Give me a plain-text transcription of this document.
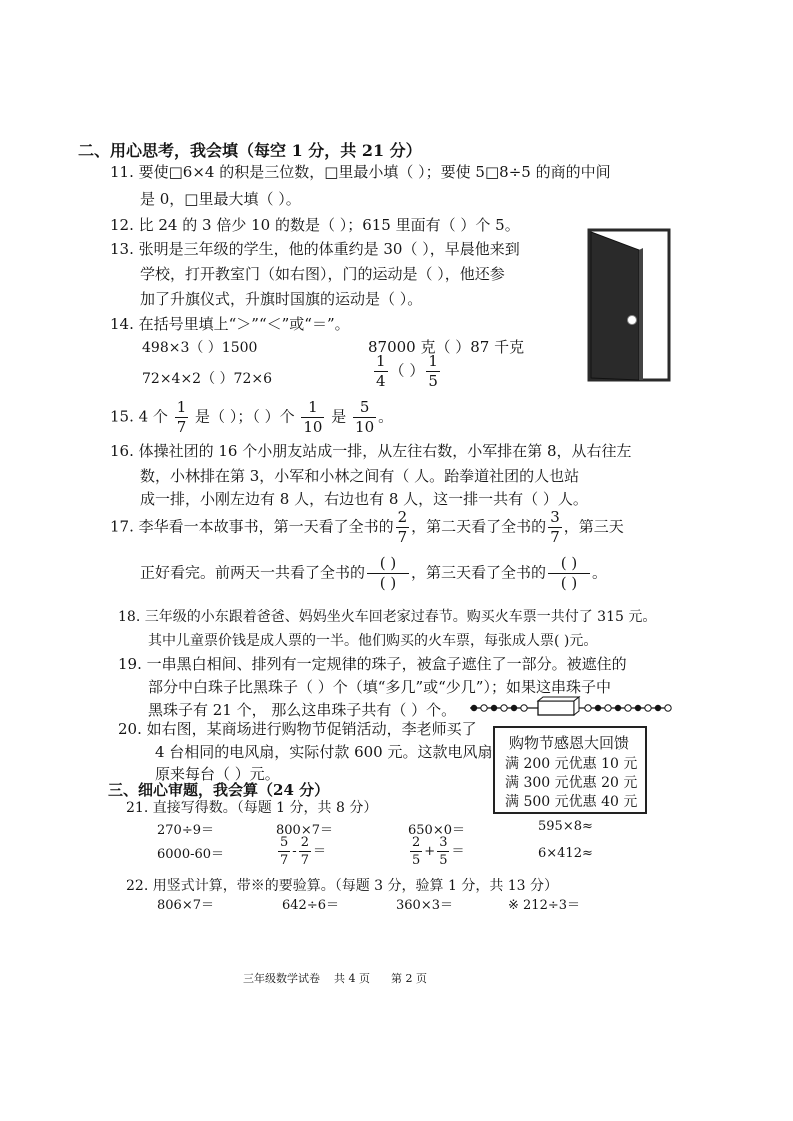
二、用心思考，我会填（每空 1 分，共 21 分）
11. 要使□6×4 的积是三位数，□里最小填（ ）；要使 5□8÷5 的商的中间
是 0，□里最大填（ ）。
12. 比 24 的 3 倍少 10 的数是（ ）；615 里面有（ ）个 5。
13. 张明是三年级的学生，他的体重约是 30（ ），早晨他来到
学校，打开教室门（如右图），门的运动是（ ），他还参
加了升旗仪式，升旗时国旗的运动是（ ）。
14. 在括号里填上“＞”“＜”或“＝”。
498×3（ ）1500	87000 克（ ）87 千克
72×4×2（ ）72×6	$\frac{1}{4}$ （ ） $\frac{1}{5}$
15. 4 个 $\frac{1}{7}$ 是（ ）；（ ）个 $\frac{1}{10}$ 是 $\frac{5}{10}$ 。
16. 体操社团的 16 个小朋友站成一排，从左往右数，小军排在第 8，从右往左
数，小林排在第 3，小军和小林之间有（ 人。跆拳道社团的人也站
成一排，小刚左边有 8 人，右边也有 8 人，这一排一共有（ ）人。
17. 李华看一本故事书，第一天看了全书的 $\frac{2}{7}$ ，第二天看了全书的 $\frac{3}{7}$ ，第三天
正好看完。前两天一共看了全书的 $\frac{( )}{( )}$ ，第三天看了全书的 $\frac{( )}{( )}$ 。
18. 三年级的小东跟着爸爸、妈妈坐火车回老家过春节。购买火车票一共付了 315 元。
其中儿童票价钱是成人票的一半。他们购买的火车票，每张成人票( )元。
19. 一串黑白相间、排列有一定规律的珠子，被盒子遮住了一部分。被遮住的
部分中白珠子比黑珠子（ ）个（填“多几”或“少几”）；如果这串珠子中
黑珠子有 21 个， 那么这串珠子共有（ ）个。
20. 如右图，某商场进行购物节促销活动，李老师买了
4 台相同的电风扇，实际付款 600 元。这款电风扇
原来每台（ ）元。
购物节感恩大回馈
满 200 元优惠 10 元
满 300 元优惠 20 元
满 500 元优惠 40 元
三、细心审题，我会算（24 分）
21. 直接写得数。（每题 1 分，共 8 分）
270÷9＝	800×7＝	650×0＝	595×8≈
6000-60＝	$\frac{5}{7} - \frac{2}{7}$ ＝	$\frac{2}{5} + \frac{3}{5}$ ＝	6×412≈
22. 用竖式计算，带※的要验算。（每题 3 分，验算 1 分，共 13 分）
806×7＝	642÷6＝	360×3＝	※ 212÷3＝
三年级数学试卷 共 4 页 第 2 页
